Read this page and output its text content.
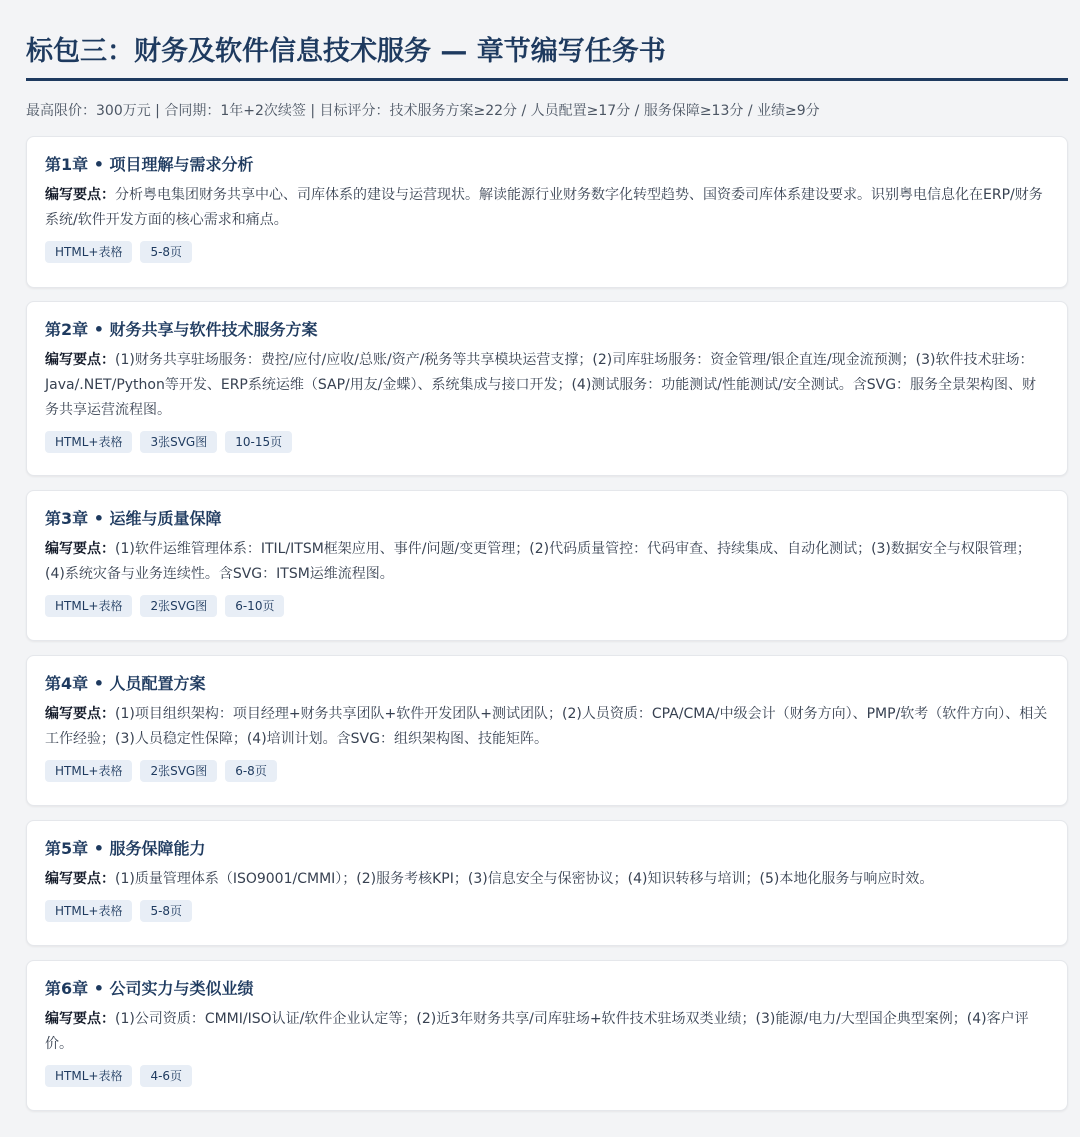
标包三：财务及软件信息技术服务 — 章节编写任务书
最高限价：300万元 | 合同期：1年+2次续签 | 目标评分：技术服务方案≥22分 / 人员配置≥17分 / 服务保障≥13分 / 业绩≥9分
第1章 • 项目理解与需求分析
编写要点：分析粤电集团财务共享中心、司库体系的建设与运营现状。解读能源行业财务数字化转型趋势、国资委司库体系建设要求。识别粤电信息化在ERP/财务系统/软件开发方面的核心需求和痛点。
HTML+表格	5-8页
第2章 • 财务共享与软件技术服务方案
编写要点：(1)财务共享驻场服务：费控/应付/应收/总账/资产/税务等共享模块运营支撑；(2)司库驻场服务：资金管理/银企直连/现金流预测；(3)软件技术驻场：Java/.NET/Python等开发、ERP系统运维（SAP/用友/金蝶）、系统集成与接口开发；(4)测试服务：功能测试/性能测试/安全测试。含SVG：服务全景架构图、财务共享运营流程图。
HTML+表格	3张SVG图	10-15页
第3章 • 运维与质量保障
编写要点：(1)软件运维管理体系：ITIL/ITSM框架应用、事件/问题/变更管理；(2)代码质量管控：代码审查、持续集成、自动化测试；(3)数据安全与权限管理；(4)系统灾备与业务连续性。含SVG：ITSM运维流程图。
HTML+表格	2张SVG图	6-10页
第4章 • 人员配置方案
编写要点：(1)项目组织架构：项目经理+财务共享团队+软件开发团队+测试团队；(2)人员资质：CPA/CMA/中级会计（财务方向）、PMP/软考（软件方向）、相关工作经验；(3)人员稳定性保障；(4)培训计划。含SVG：组织架构图、技能矩阵。
HTML+表格	2张SVG图	6-8页
第5章 • 服务保障能力
编写要点：(1)质量管理体系（ISO9001/CMMI）；(2)服务考核KPI；(3)信息安全与保密协议；(4)知识转移与培训；(5)本地化服务与响应时效。
HTML+表格	5-8页
第6章 • 公司实力与类似业绩
编写要点：(1)公司资质：CMMI/ISO认证/软件企业认定等；(2)近3年财务共享/司库驻场+软件技术驻场双类业绩；(3)能源/电力/大型国企典型案例；(4)客户评价。
HTML+表格	4-6页
